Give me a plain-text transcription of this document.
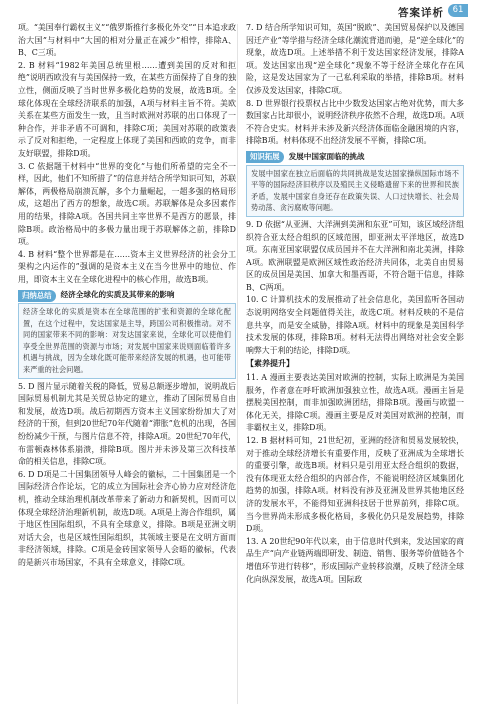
答案详析	61

项。“美国奉行霸权主义”“俄罗斯推行多极化外交”“日本追求政治大国”与材料中“大国的相对分量正在减少”相悖，排除A、B、C三项。

2. B 材料“1982年美国总统里根……遭到美国的反对和拒绝”说明西欧没有与美国保持一致，在某些方面保持了自身的独立性，侧面反映了当时世界多极化趋势的发展，故选B项。全球化体现在全球经济联系的加强，A项与材料主旨不符。美欧关系在某些方面发生一致，且当时欧洲对苏联的出口体现了一种合作，并非矛盾不可调和，排除C项；美国对苏联的政策表示了反对和拒绝，一定程度上体现了美国和西欧的竞争，而非友好联盟，排除D项。

3. C 依据题干材料中“世界的变化”与他们所希望的完全不一样，因此，他们不知所措了”的信息并结合所学知识可知，苏联解体，两极格局崩溃瓦解，多个力量崛起，一超多强的格局形成，这超出了西方的想象，故选C项。苏联解体是众多因素作用的结果，排除A项。各国共同主宰世界不是西方的愿景，排除B项。政治格局中的多极力量出现于苏联解体之前，排除D项。

4. B 材料“整个世界都是在……资本主义世界经济的社会分工架构之内运作的”强调的是资本主义在当今世界中的地位、作用，即资本主义在全球化进程中的核心作用，故选B项。

归纳总结	经济全球化的实质及其带来的影响
经济全球化的实质是资本在全球范围的扩张和资源的全球化配置，在这个过程中，发达国家是主导，跨国公司积极推动。对不同的国家带来不同的影响：对发达国家来说，全球化可以使他们享受全世界范围的资源与市场；对发展中国家来说则面临着许多机遇与挑战，因为全球化既可能带来经济发展的机遇，也可能带来严重的社会问题。

5. D 图片显示随着关税的降低，贸易总额逐步增加，说明战后国际贸易机制尤其是关贸总协定的建立，推动了国际贸易自由和发展，故选D项。战后初期西方资本主义国家纷纷加大了对经济的干预，但到20世纪70年代随着“滞胀”危机的出现，各国纷纷减少干预，与图片信息不符，排除A项。20世纪70年代，布雷顿森林体系崩溃，排除B项。图片并未涉及第三次科技革命的相关信息，排除C项。

6. D D项是二十国集团领导人峰会的徽标，二十国集团是一个国际经济合作论坛，它的成立为国际社会齐心协力应对经济危机，推动全球治理机制改革带来了新动力和新契机，因而可以体现全球经济治理新机制，故选D项。A项是上海合作组织，属于地区性国际组织，不具有全球意义，排除。B项是亚洲文明对话大会，也是区域性国际组织，其领域主要是在文明方面而非经济领域，排除。C项是金砖国家领导人会晤的徽标，代表的是新兴市场国家，不具有全球意义，排除C项。

7. D 结合所学知识可知，英国“脱欧”、美国贸易保护以及德国因迁产业“等学措与经济全球化潮流背道而驰，是“逆全球化”的现象，故选D项。上述举措不利于发达国家经济发展，排除A项。发达国家出现“逆全球化”现象不等于经济全球化存在风险，这是发达国家为了一己私利采取的举措，排除B项。材料仅涉及发达国家，排除C项。

8. D 世界银行投票权占比中少数发达国家占绝对优势，而大多数国家占比却很小，说明经济秩序依然不合理，故选D项。A项不符合史实。材料并未涉及新兴经济体面临金融困境的内容，排除B项。材料体现不出经济发展不平衡，排除C项。

知识拓展	发展中国家面临的挑战
发展中国家在独立后面临的共同挑战是发达国家操纵国际市场不平等的国际经济旧秩序以及殖民主义侵略遗留下来的世界和民族矛盾，发展中国家自身还存在政策失误、人口过快增长、社会局势动荡、贪污腐败等问题。

9. D 依据“从亚洲、大洋洲到美洲和东亚”可知，该区域经济组织符合亚太经合组织的区域范围，即亚洲太平洋地区，故选D项。东南亚国家联盟仅成员国并不在大洋洲和南北美洲，排除A项。欧洲联盟是欧洲区域性政治经济共同体，北美自由贸易区的成员国是美国、加拿大和墨西哥，不符合题干信息，排除B、C两项。

10. C 计算机技术的发展推动了社会信息化，美国监听各国动态说明网络安全问题值得关注，故选C项。材料反映的不是信息共享，而是安全威胁，排除A项。材料中的现象是美国科学技术发展的体现，排除B项。材料无法得出网络对社会安全影响弊大于利的结论，排除D项。

【素养提升】

11. A 漫画主要表达美国对欧洲的控制，实际上欧洲是为美国服务，作者意在呼吁欧洲加强独立性，故选A项。漫画主旨是摆脱美国控制，而非加强欧洲团结，排除B项。漫画与欧盟一体化无关，排除C项。漫画主要是反对美国对欧洲的控制，而非霸权主义，排除D项。

12. B 据材料可知，21世纪初，亚洲的经济和贸易发展较快，对于推动全球经济增长有重要作用，反映了亚洲成为全球增长的重要引擎，故选B项。材料只是引用亚太经合组织的数据，没有体现亚太经合组织的内部合作，不能说明经济区域集团化趋势的加强，排除A项。材料没有涉及亚洲及世界其他地区经济的发展水平，不能得知亚洲科技居于世界前列，排除C项。当今世界尚未形成多极化格局，多极化仍只是发展趋势，排除D项。

13. A 20世纪90年代以来，由于信息时代到来，发达国家的商品生产“向产业链两端即研发、制造、销售、服务等价值链各个增值环节进行转移”，形成国际产业转移浪潮，反映了经济全球化向纵深发展，故选A项。国际政
